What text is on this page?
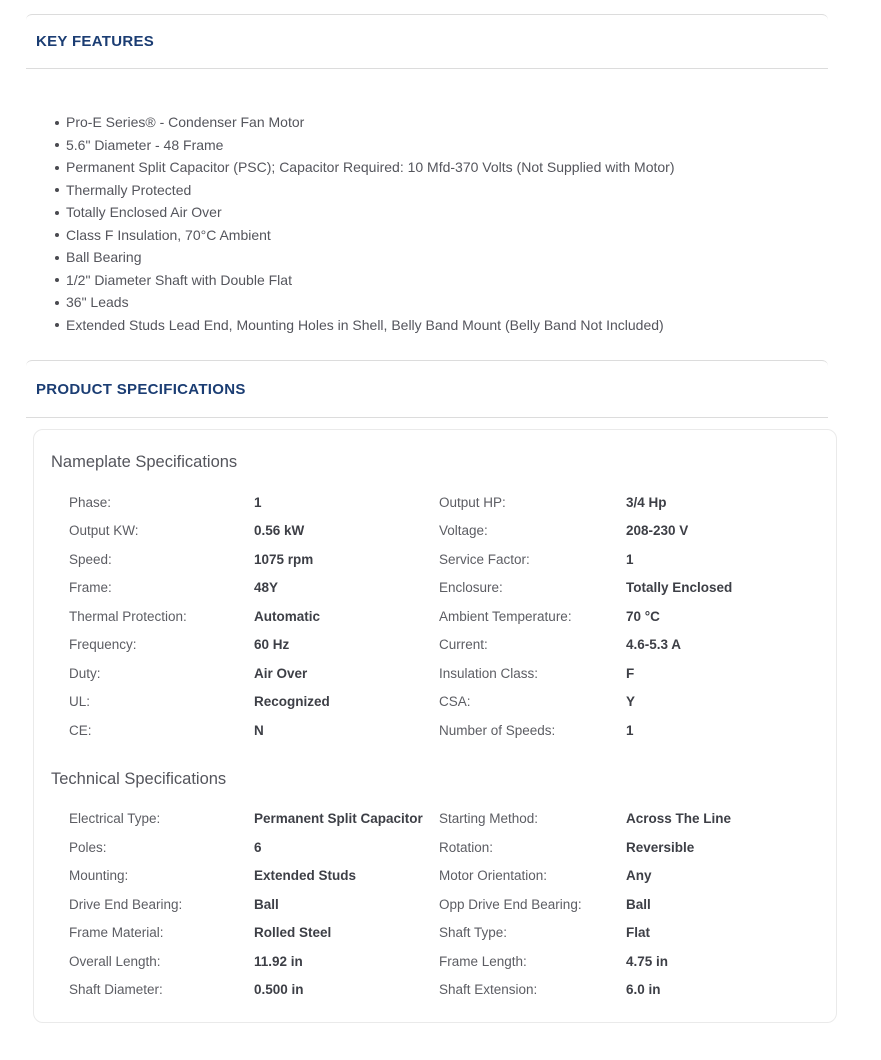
KEY FEATURES
Pro-E Series® - Condenser Fan Motor
5.6" Diameter - 48 Frame
Permanent Split Capacitor (PSC); Capacitor Required: 10 Mfd-370 Volts (Not Supplied with Motor)
Thermally Protected
Totally Enclosed Air Over
Class F Insulation, 70°C Ambient
Ball Bearing
1/2" Diameter Shaft with Double Flat
36" Leads
Extended Studs Lead End, Mounting Holes in Shell, Belly Band Mount (Belly Band Not Included)
PRODUCT SPECIFICATIONS
Nameplate Specifications
Phase:	1	Output HP:	3/4 Hp
Output KW:	0.56 kW	Voltage:	208-230 V
Speed:	1075 rpm	Service Factor:	1
Frame:	48Y	Enclosure:	Totally Enclosed
Thermal Protection:	Automatic	Ambient Temperature:	70 °C
Frequency:	60 Hz	Current:	4.6-5.3 A
Duty:	Air Over	Insulation Class:	F
UL:	Recognized	CSA:	Y
CE:	N	Number of Speeds:	1
Technical Specifications
Electrical Type:	Permanent Split Capacitor	Starting Method:	Across The Line
Poles:	6	Rotation:	Reversible
Mounting:	Extended Studs	Motor Orientation:	Any
Drive End Bearing:	Ball	Opp Drive End Bearing:	Ball
Frame Material:	Rolled Steel	Shaft Type:	Flat
Overall Length:	11.92 in	Frame Length:	4.75 in
Shaft Diameter:	0.500 in	Shaft Extension:	6.0 in
